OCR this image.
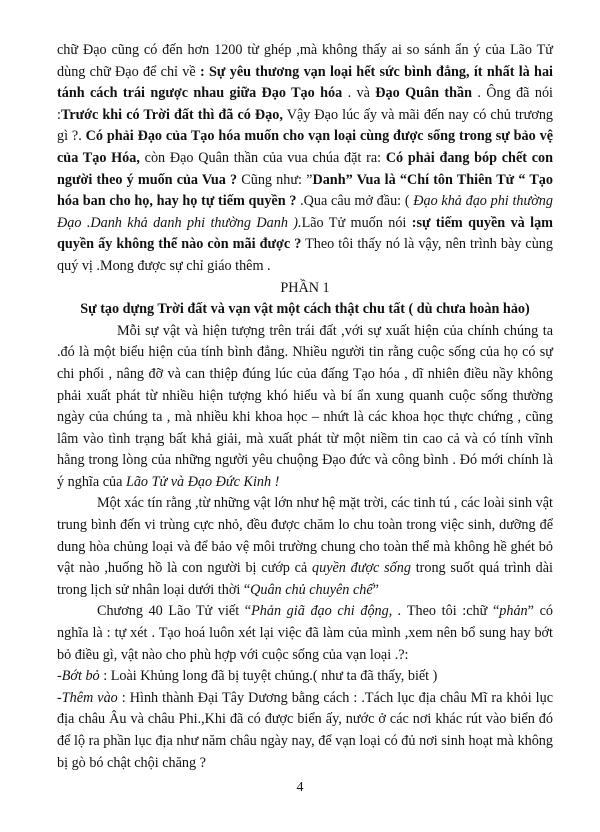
chữ Đạo cũng có đến hơn 1200 từ ghép ,mà không thấy ai so sánh ẩn ý của Lão Tử dùng chữ Đạo để chỉ về : Sự yêu thương vạn loại hết sức bình đẳng, ít nhất là hai tánh cách trái ngược nhau giữa Đạo Tạo hóa . và Đạo Quân thần . Ông đã nói :Trước khi có Trời đất thì đã có Đạo, Vậy Đạo lúc ấy và mãi đến nay có chủ trương gì ?. Có phải Đạo của Tạo hóa muốn cho vạn loại cùng được sống trong sự bảo vệ của Tạo Hóa, còn Đạo Quân thần của vua chúa đặt ra: Có phải đang bóp chết con người theo ý muốn của Vua ? Cũng như: ”Danh” Vua là “Chí tôn Thiên Tử “ Tạo hóa ban cho họ, hay họ tự tiếm quyền ? .Qua câu mở đầu: ( Đạo khả đạo phi thường Đạo .Danh khả danh phi thường Danh ).Lão Tử muốn nói :sự tiếm quyền và lạm quyền ấy không thể nào còn mãi được ? Theo tôi thấy nó là vậy, nên trình bày cùng quý vị .Mong được sự chỉ giáo thêm .

PHẦN 1

Sự tạo dựng Trời đất và vạn vật một cách thật chu tất ( dù chưa hoàn hảo)

Mỗi sự vật và hiện tượng trên trái đất ,với sự xuất hiện của chính chúng ta .đó là một biểu hiện của tính bình đẳng. Nhiều người tin rằng cuộc sống của họ có sự chi phối , nâng đỡ và can thiệp đúng lúc của đấng Tạo hóa , dĩ nhiên điều nầy không phải xuất phát từ nhiều hiện tượng khó hiểu và bí ẩn xung quanh cuộc sống thường ngày của chúng ta , mà nhiều khi khoa học – nhứt là các khoa học thực chứng , cũng lâm vào tình trạng bất khả giải, mà xuất phát từ một niềm tin cao cả và có tính vĩnh hằng trong lòng của những người yêu chuộng Đạo đức và công bình . Đó mới chính là ý nghĩa của Lão Tử và Đạo Đức Kinh !

Một xác tín rằng ,từ những vật lớn như hệ mặt trời, các tinh tú , các loài sinh vật trung bình đến vi trùng cực nhỏ, đều được chăm lo chu toàn trong việc sinh, dưỡng để dung hòa chủng loại và để bảo vệ môi trường chung cho toàn thể mà không hề ghét bỏ vật nào ,huống hồ là con người bị cướp cả quyền được sống trong suốt quá trình dài trong lịch sử nhân loại dưới thời “Quân chủ chuyên chế”

Chương 40 Lão Tử viết “Phản giã đạo chi động, . Theo tôi :chữ “phản” có nghĩa là : tự xét . Tạo hoá luôn xét lại việc đã làm của mình ,xem nên bổ sung hay bớt bỏ điều gì, vật nào cho phù hợp với cuộc sống của vạn loại .?:

-Bớt bỏ : Loài Khủng long đã bị tuyệt chủng.( như ta đã thấy, biết )

-Thêm vào : Hình thành Đại Tây Dương bằng cách : .Tách lục địa châu Mĩ ra khỏi lục địa châu Âu và châu Phi.,Khi đã có được biển ấy, nước ở các nơi khác rút vào biển đó để lộ ra phần lục địa như năm châu ngày nay, để vạn loại có đủ nơi sinh hoạt mà không bị gò bó chật chội chăng ?

4
